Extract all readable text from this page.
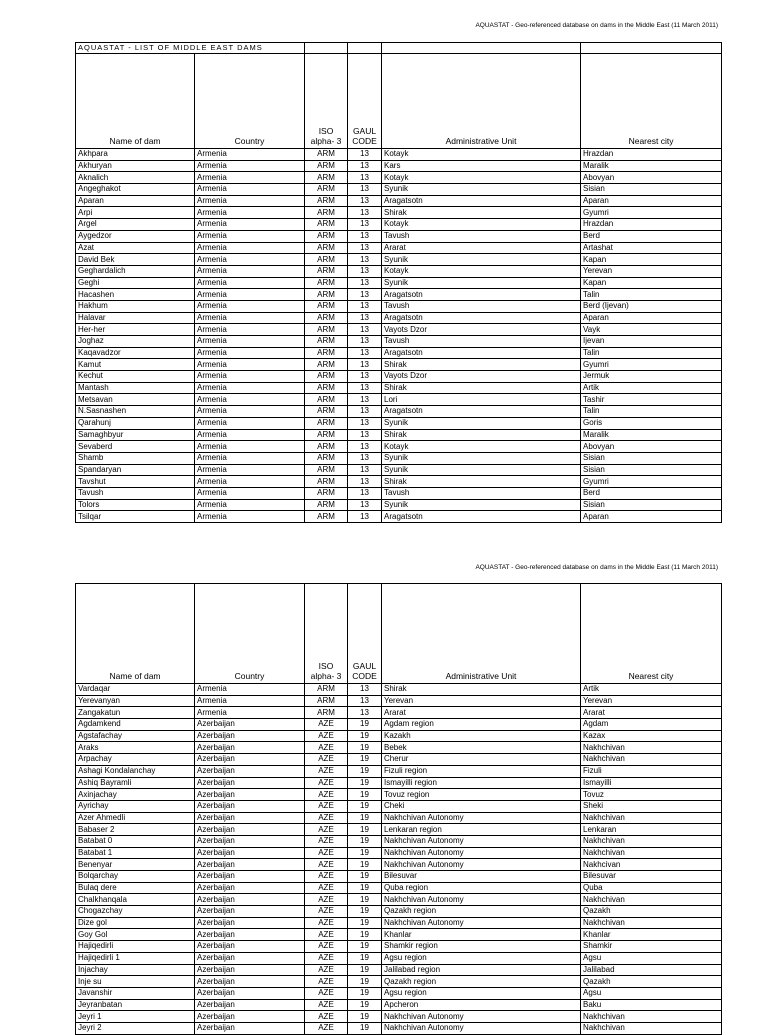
AQUASTAT - Geo-referenced database on dams in the Middle East (11 March 2011)
AQUASTAT - LIST OF MIDDLE EAST DAMS					
Name of dam	Country	ISO alpha- 3	GAUL CODE	Administrative Unit	Nearest city
Akhpara	Armenia	ARM	13	Kotayk	Hrazdan
Akhuryan	Armenia	ARM	13	Kars	Maralik
Aknalich	Armenia	ARM	13	Kotayk	Abovyan
Angeghakot	Armenia	ARM	13	Syunik	Sisian
Aparan	Armenia	ARM	13	Aragatsotn	Aparan
Arpi	Armenia	ARM	13	Shirak	Gyumri
Argel	Armenia	ARM	13	Kotayk	Hrazdan
Aygedzor	Armenia	ARM	13	Tavush	Berd
Azat	Armenia	ARM	13	Ararat	Artashat
David Bek	Armenia	ARM	13	Syunik	Kapan
Geghardalich	Armenia	ARM	13	Kotayk	Yerevan
Geghi	Armenia	ARM	13	Syunik	Kapan
Hacashen	Armenia	ARM	13	Aragatsotn	Talin
Hakhum	Armenia	ARM	13	Tavush	Berd (Ijevan)
Halavar	Armenia	ARM	13	Aragatsotn	Aparan
Her-her	Armenia	ARM	13	Vayots Dzor	Vayk
Joghaz	Armenia	ARM	13	Tavush	Ijevan
Kaqavadzor	Armenia	ARM	13	Aragatsotn	Talin
Kamut	Armenia	ARM	13	Shirak	Gyumri
Kechut	Armenia	ARM	13	Vayots Dzor	Jermuk
Mantash	Armenia	ARM	13	Shirak	Artik
Metsavan	Armenia	ARM	13	Lori	Tashir
N.Sasnashen	Armenia	ARM	13	Aragatsotn	Talin
Qarahunj	Armenia	ARM	13	Syunik	Goris
Samaghbyur	Armenia	ARM	13	Shirak	Maralik
Sevaberd	Armenia	ARM	13	Kotayk	Abovyan
Shamb	Armenia	ARM	13	Syunik	Sisian
Spandaryan	Armenia	ARM	13	Syunik	Sisian
Tavshut	Armenia	ARM	13	Shirak	Gyumri
Tavush	Armenia	ARM	13	Tavush	Berd
Tolors	Armenia	ARM	13	Syunik	Sisian
Tsilqar	Armenia	ARM	13	Aragatsotn	Aparan
AQUASTAT - Geo-referenced database on dams in the Middle East (11 March 2011)
Name of dam	Country	ISO alpha- 3	GAUL CODE	Administrative Unit	Nearest city
Vardaqar	Armenia	ARM	13	Shirak	Artik
Yerevanyan	Armenia	ARM	13	Yerevan	Yerevan
Zangakatun	Armenia	ARM	13	Ararat	Ararat
Agdamkend	Azerbaijan	AZE	19	Agdam region	Agdam
Agstafachay	Azerbaijan	AZE	19	Kazakh	Kazax
Araks	Azerbaijan	AZE	19	Bebek	Nakhchivan
Arpachay	Azerbaijan	AZE	19	Cherur	Nakhchivan
Ashagi Kondalanchay	Azerbaijan	AZE	19	Fizuli region	Fizuli
Ashiq Bayramli	Azerbaijan	AZE	19	Ismayilli region	Ismayilli
Axinjachay	Azerbaijan	AZE	19	Tovuz region	Tovuz
Ayrichay	Azerbaijan	AZE	19	Cheki	Sheki
Azer Ahmedli	Azerbaijan	AZE	19	Nakhchivan Autonomy	Nakhchivan
Babaser 2	Azerbaijan	AZE	19	Lenkaran region	Lenkaran
Batabat 0	Azerbaijan	AZE	19	Nakhchivan Autonomy	Nakhchivan
Batabat 1	Azerbaijan	AZE	19	Nakhchivan Autonomy	Nakhchivan
Benenyar	Azerbaijan	AZE	19	Nakhchivan Autonomy	Nakhcivan
Bolqarchay	Azerbaijan	AZE	19	Bilesuvar	Bilesuvar
Bulaq dere	Azerbaijan	AZE	19	Quba region	Quba
Chalkhanqala	Azerbaijan	AZE	19	Nakhchivan Autonomy	Nakhchivan
Chogazchay	Azerbaijan	AZE	19	Qazakh region	Qazakh
Dize gol	Azerbaijan	AZE	19	Nakhchivan Autonomy	Nakhchivan
Goy Gol	Azerbaijan	AZE	19	Khanlar	Khanlar
Hajiqedirli	Azerbaijan	AZE	19	Shamkir region	Shamkir
Hajiqedirli 1	Azerbaijan	AZE	19	Agsu region	Agsu
Injachay	Azerbaijan	AZE	19	Jalilabad region	Jalilabad
Inje su	Azerbaijan	AZE	19	Qazakh region	Qazakh
Javanshir	Azerbaijan	AZE	19	Agsu region	Agsu
Jeyranbatan	Azerbaijan	AZE	19	Apcheron	Baku
Jeyri 1	Azerbaijan	AZE	19	Nakhchivan Autonomy	Nakhchivan
Jeyri 2	Azerbaijan	AZE	19	Nakhchivan Autonomy	Nakhchivan
